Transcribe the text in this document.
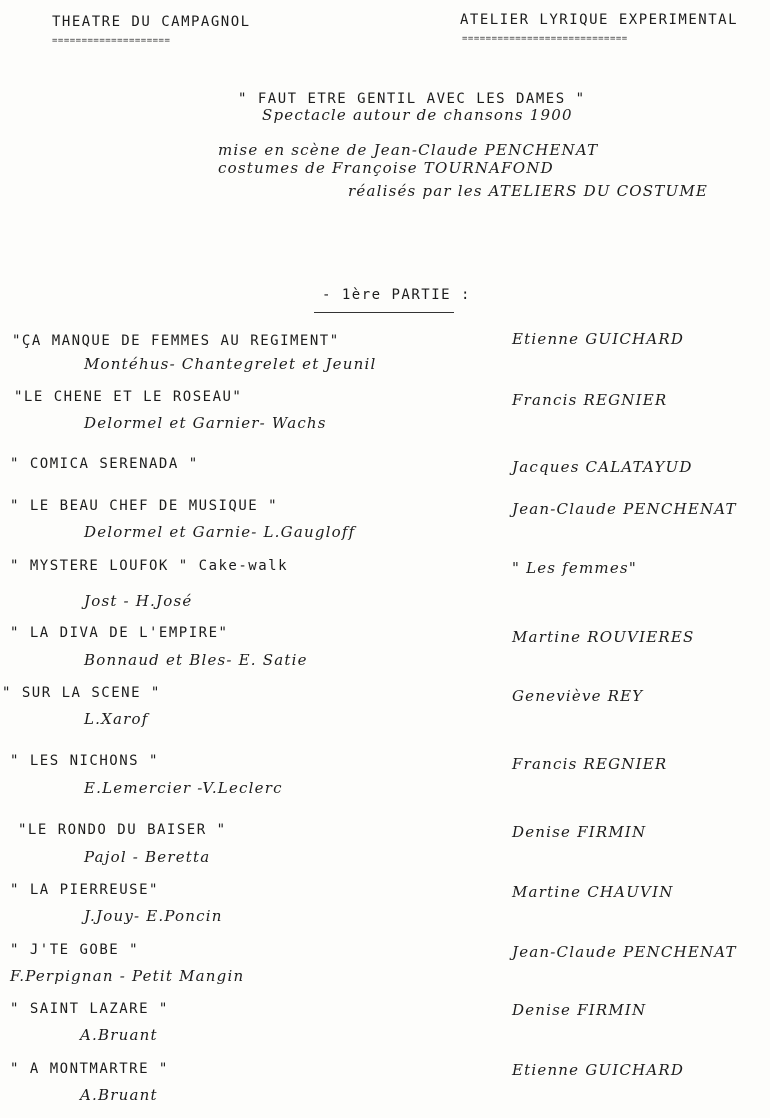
THEATRE DU CAMPAGNOL
====================
ATELIER LYRIQUE EXPERIMENTAL
============================
" FAUT ETRE GENTIL AVEC LES DAMES "
Spectacle autour de chansons 1900
mise en scène de Jean-Claude PENCHENAT
costumes de Françoise TOURNAFOND
réalisés par les ATELIERS DU COSTUME
- 1ère PARTIE :
"ÇA MANQUE DE FEMMES AU REGIMENT"
Montéhus- Chantegrelet et Jeunil
Etienne GUICHARD
"LE CHENE ET LE ROSEAU"
Delormel et Garnier- Wachs
Francis REGNIER
" COMICA SERENADA "	Jacques CALATAYUD
" LE BEAU CHEF DE MUSIQUE "
Delormel et Garnie- L.Gaugloff
Jean-Claude PENCHENAT
" MYSTERE LOUFOK " Cake-walk
Jost - H.José
" Les femmes"
" LA DIVA DE L'EMPIRE"
Bonnaud et Bles- E. Satie
Martine ROUVIERES
" SUR LA SCENE "
L.Xarof
Geneviève REY
" LES NICHONS "
E.Lemercier -V.Leclerc
Francis REGNIER
"LE RONDO DU BAISER "
Pajol - Beretta
Denise FIRMIN
" LA PIERREUSE"
J.Jouy- E.Poncin
Martine CHAUVIN
" J'TE GOBE "
F.Perpignan - Petit Mangin
Jean-Claude PENCHENAT
" SAINT LAZARE "
A.Bruant
Denise FIRMIN
" A MONTMARTRE "
A.Bruant
Etienne GUICHARD
